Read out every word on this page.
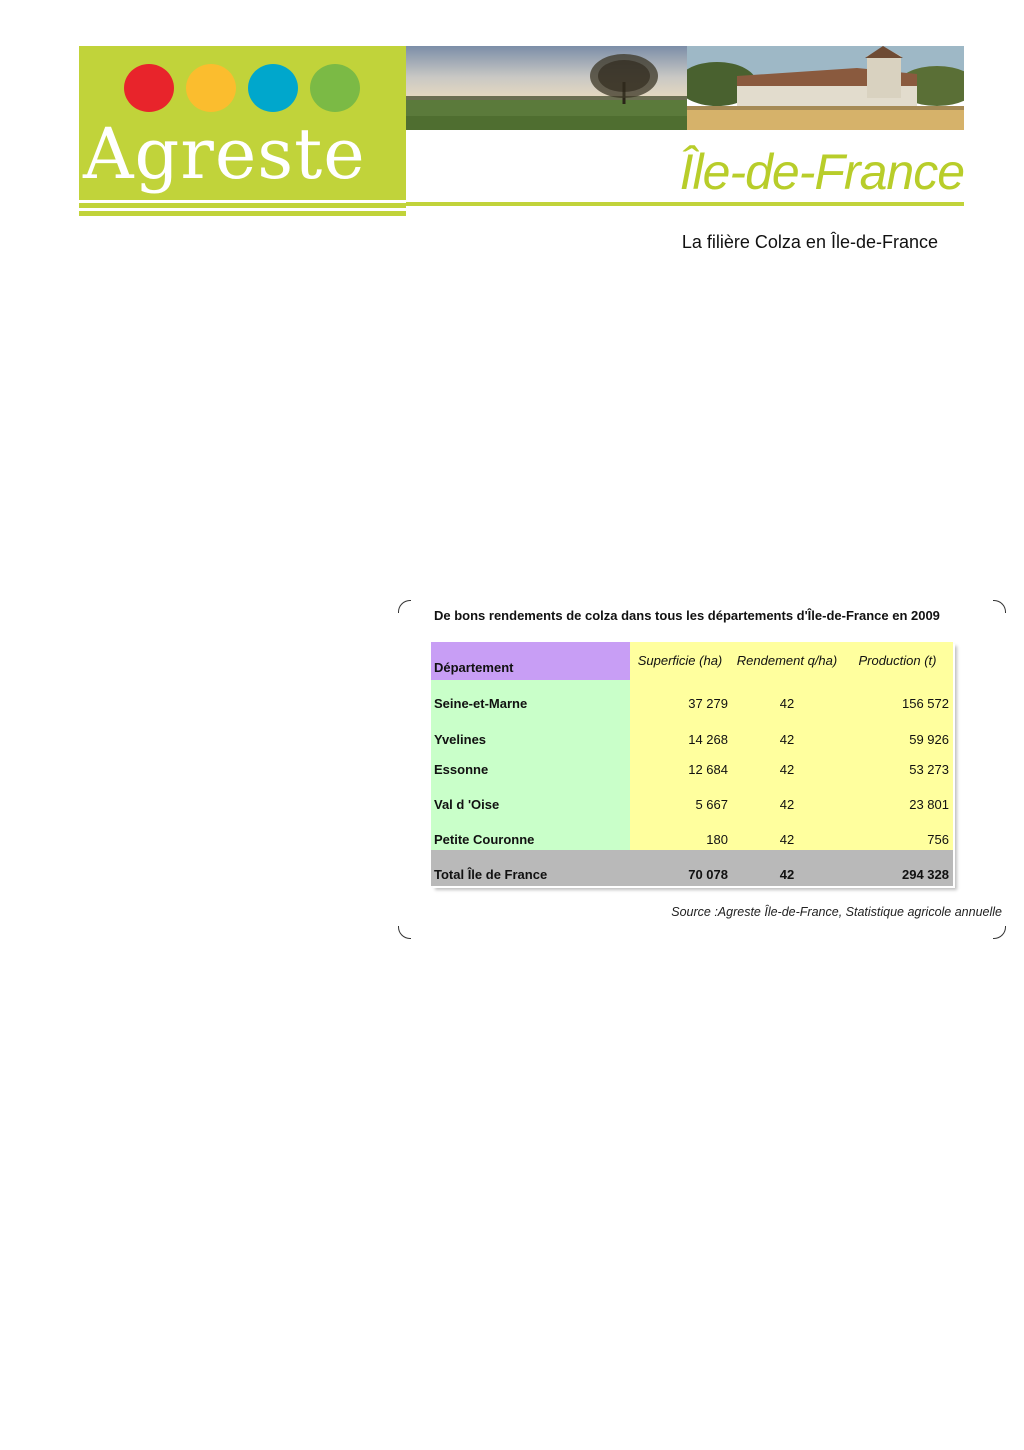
Agreste	Île-de-France
La filière Colza en Île-de-France
De bons rendements de colza dans tous les départements d'Île-de-France en 2009
Département	Superficie (ha)	Rendement q/ha)	Production (t)
Seine-et-Marne	37 279	42	156 572
Yvelines	14 268	42	59 926
Essonne	12 684	42	53 273
Val d 'Oise	5 667	42	23 801
Petite Couronne	180	42	756
Total Île de France	70 078	42	294 328
Source :Agreste Île-de-France, Statistique agricole annuelle
